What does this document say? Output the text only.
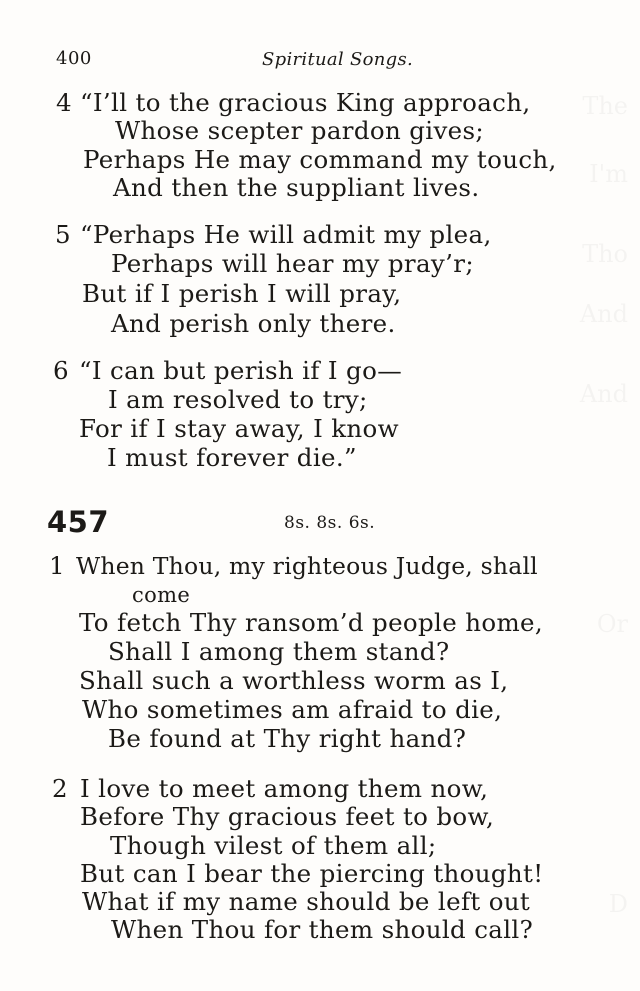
400	Spiritual Songs.
4 “I’ll to the gracious King approach,
Whose scepter pardon gives;
Perhaps He may command my touch,
And then the suppliant lives.
5 “Perhaps He will admit my plea,
Perhaps will hear my pray’r;
But if I perish I will pray,
And perish only there.
6 “I can but perish if I go—
I am resolved to try;
For if I stay away, I know
I must forever die.”
457	8s. 8s. 6s.
1 When Thou, my righteous Judge, shall
come
To fetch Thy ransom’d people home,
Shall I among them stand?
Shall such a worthless worm as I,
Who sometimes am afraid to die,
Be found at Thy right hand?
2 I love to meet among them now,
Before Thy gracious feet to bow,
Though vilest of them all;
But can I bear the piercing thought!
What if my name should be left out
When Thou for them should call?
